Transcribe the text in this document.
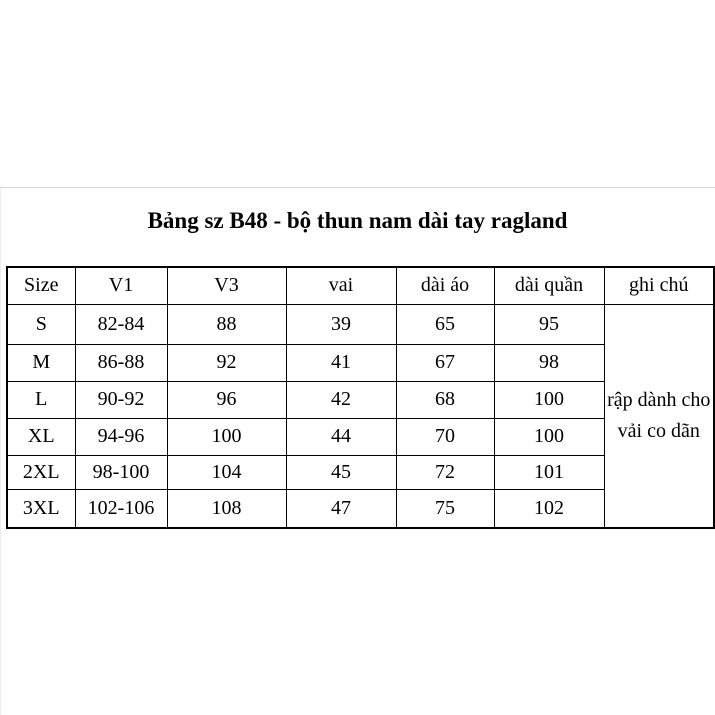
Bảng sz B48 - bộ thun nam dài tay ragland
Size	V1	V3	vai	dài áo	dài quần	ghi chú
S	82-84	88	39	65	95	rập dành cho vải co dãn
M	86-88	92	41	67	98	
L	90-92	96	42	68	100	
XL	94-96	100	44	70	100	
2XL	98-100	104	45	72	101	
3XL	102-106	108	47	75	102	
